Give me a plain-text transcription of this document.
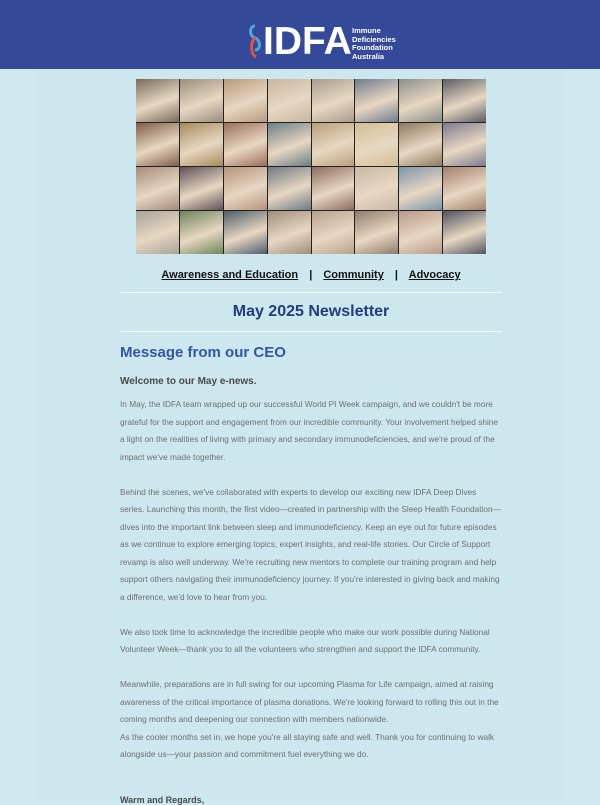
IDFA Immune Deficiencies Foundation Australia
Awareness and Education | Community | Advocacy
May 2025 Newsletter
Message from our CEO
Welcome to our May e-news.

In May, the IDFA team wrapped up our successful World PI Week campaign, and we couldn't be more grateful for the support and engagement from our incredible community. Your involvement helped shine a light on the realities of living with primary and secondary immunodeficiencies, and we're proud of the impact we've made together.

Behind the scenes, we've collaborated with experts to develop our exciting new IDFA Deep Dives series. Launching this month, the first video—created in partnership with the Sleep Health Foundation—dives into the important link between sleep and immunodeficiency. Keep an eye out for future episodes as we continue to explore emerging topics, expert insights, and real-life stories. Our Circle of Support revamp is also well underway. We're recruiting new mentors to complete our training program and help support others navigating their immunodeficiency journey. If you're interested in giving back and making a difference, we'd love to hear from you.

We also took time to acknowledge the incredible people who make our work possible during National Volunteer Week—thank you to all the volunteers who strengthen and support the IDFA community.

Meanwhile, preparations are in full swing for our upcoming Plasma for Life campaign, aimed at raising awareness of the critical importance of plasma donations. We're looking forward to rolling this out in the coming months and deepening our connection with members nationwide.

As the cooler months set in, we hope you're all staying safe and well. Thank you for continuing to walk alongside us—your passion and commitment fuel everything we do.

Warm and Regards,
